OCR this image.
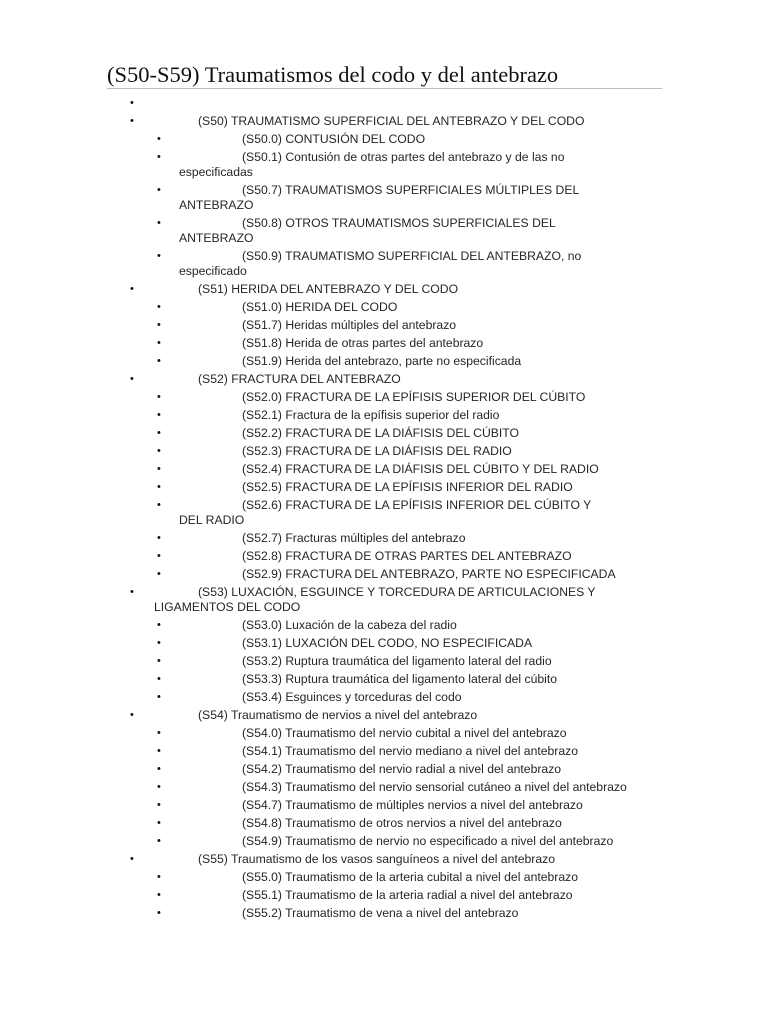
(S50-S59) Traumatismos del codo y del antebrazo
•
•	(S50) TRAUMATISMO SUPERFICIAL DEL ANTEBRAZO Y DEL CODO
•	(S50.0) CONTUSIÓN DEL CODO
•	(S50.1) Contusión de otras partes del antebrazo y de las no
especificadas
•	(S50.7) TRAUMATISMOS SUPERFICIALES MÚLTIPLES DEL
ANTEBRAZO
•	(S50.8) OTROS TRAUMATISMOS SUPERFICIALES DEL
ANTEBRAZO
•	(S50.9) TRAUMATISMO SUPERFICIAL DEL ANTEBRAZO, no
especificado
•	(S51) HERIDA DEL ANTEBRAZO Y DEL CODO
•	(S51.0) HERIDA DEL CODO
•	(S51.7) Heridas múltiples del antebrazo
•	(S51.8) Herida de otras partes del antebrazo
•	(S51.9) Herida del antebrazo, parte no especificada
•	(S52) FRACTURA DEL ANTEBRAZO
•	(S52.0) FRACTURA DE LA EPÍFISIS SUPERIOR DEL CÚBITO
•	(S52.1) Fractura de la epífisis superior del radio
•	(S52.2) FRACTURA DE LA DIÁFISIS DEL CÚBITO
•	(S52.3) FRACTURA DE LA DIÁFISIS DEL RADIO
•	(S52.4) FRACTURA DE LA DIÁFISIS DEL CÚBITO Y DEL RADIO
•	(S52.5) FRACTURA DE LA EPÍFISIS INFERIOR DEL RADIO
•	(S52.6) FRACTURA DE LA EPÍFISIS INFERIOR DEL CÚBITO Y
DEL RADIO
•	(S52.7) Fracturas múltiples del antebrazo
•	(S52.8) FRACTURA DE OTRAS PARTES DEL ANTEBRAZO
•	(S52.9) FRACTURA DEL ANTEBRAZO, PARTE NO ESPECIFICADA
•	(S53) LUXACIÓN, ESGUINCE Y TORCEDURA DE ARTICULACIONES Y
LIGAMENTOS DEL CODO
•	(S53.0) Luxación de la cabeza del radio
•	(S53.1) LUXACIÓN DEL CODO, NO ESPECIFICADA
•	(S53.2) Ruptura traumática del ligamento lateral del radio
•	(S53.3) Ruptura traumática del ligamento lateral del cúbito
•	(S53.4) Esguinces y torceduras del codo
•	(S54) Traumatismo de nervios a nivel del antebrazo
•	(S54.0) Traumatismo del nervio cubital a nivel del antebrazo
•	(S54.1) Traumatismo del nervio mediano a nivel del antebrazo
•	(S54.2) Traumatismo del nervio radial a nivel del antebrazo
•	(S54.3) Traumatismo del nervio sensorial cutáneo a nivel del antebrazo
•	(S54.7) Traumatismo de múltiples nervios a nivel del antebrazo
•	(S54.8) Traumatismo de otros nervios a nivel del antebrazo
•	(S54.9) Traumatismo de nervio no especificado a nivel del antebrazo
•	(S55) Traumatismo de los vasos sanguíneos a nivel del antebrazo
•	(S55.0) Traumatismo de la arteria cubital a nivel del antebrazo
•	(S55.1) Traumatismo de la arteria radial a nivel del antebrazo
•	(S55.2) Traumatismo de vena a nivel del antebrazo
